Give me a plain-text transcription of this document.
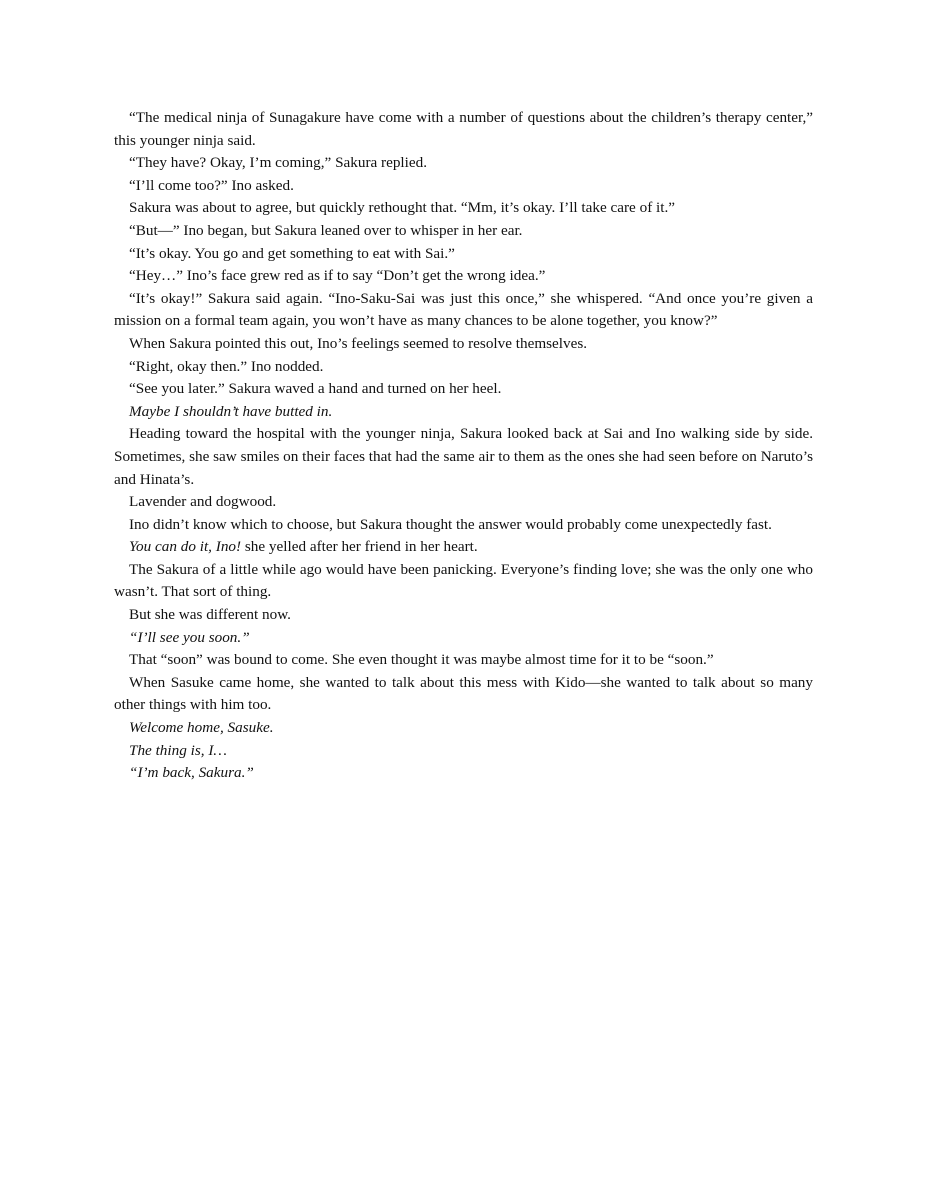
“The medical ninja of Sunagakure have come with a number of questions about the children’s therapy center,” this younger ninja said.

“They have? Okay, I’m coming,” Sakura replied.

“I’ll come too?” Ino asked.

Sakura was about to agree, but quickly rethought that. “Mm, it’s okay. I’ll take care of it.”

“But—” Ino began, but Sakura leaned over to whisper in her ear.

“It’s okay. You go and get something to eat with Sai.”

“Hey…” Ino’s face grew red as if to say “Don’t get the wrong idea.”

“It’s okay!” Sakura said again. “Ino-Saku-Sai was just this once,” she whispered. “And once you’re given a mission on a formal team again, you won’t have as many chances to be alone together, you know?”

When Sakura pointed this out, Ino’s feelings seemed to resolve themselves.

“Right, okay then.” Ino nodded.

“See you later.” Sakura waved a hand and turned on her heel.

Maybe I shouldn’t have butted in.

Heading toward the hospital with the younger ninja, Sakura looked back at Sai and Ino walking side by side. Sometimes, she saw smiles on their faces that had the same air to them as the ones she had seen before on Naruto’s and Hinata’s.

Lavender and dogwood.

Ino didn’t know which to choose, but Sakura thought the answer would probably come unexpectedly fast.

You can do it, Ino! she yelled after her friend in her heart.

The Sakura of a little while ago would have been panicking. Everyone’s finding love; she was the only one who wasn’t. That sort of thing.

But she was different now.

“I’ll see you soon.”

That “soon” was bound to come. She even thought it was maybe almost time for it to be “soon.”

When Sasuke came home, she wanted to talk about this mess with Kido—she wanted to talk about so many other things with him too.

Welcome home, Sasuke.

The thing is, I…

“I’m back, Sakura.”
